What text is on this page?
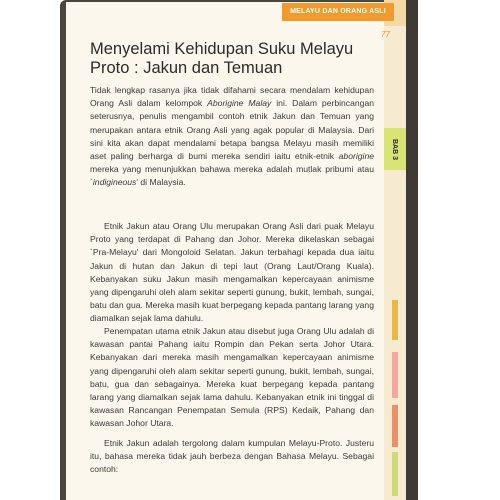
MELAYU DAN ORANG ASLI
77
BAB 3
Menyelami Kehidupan Suku Melayu Proto : Jakun dan Temuan

Tidak lengkap rasanya jika tidak difahami secara mendalam kehidupan Orang Asli dalam kelompok Aborigine Malay ini. Dalam perbincangan seterusnya, penulis mengambil contoh etnik Jakun dan Temuan yang merupakan antara etnik Orang Asli yang agak popular di Malaysia. Dari sini kita akan dapat mendalami betapa bangsa Melayu masih memiliki aset paling berharga di bumi mereka sendiri iaitu etnik-etnik aborigine mereka yang menunjukkan bahawa mereka adalah mutlak pribumi atau `indigineous' di Malaysia.

Etnik Jakun atau Orang Ulu merupakan Orang Asli dari puak Melayu Proto yang terdapat di Pahang dan Johor. Mereka dikelaskan sebagai `Pra-Melayu' dari Mongoloid Selatan. Jakun terbahagi kepada dua iaitu Jakun di hutan dan Jakun di tepi laut (Orang Laut/Orang Kuala). Kebanyakan suku Jakun masih mengamalkan kepercayaan animisme yang dipengaruhi oleh alam sekitar seperti gunung, bukit, lembah, sungai, batu dan gua. Mereka masih kuat berpegang kepada pantang larang yang diamalkan sejak lama dahulu.

Penempatan utama etnik Jakun atau disebut juga Orang Ulu adalah di kawasan pantai Pahang iaitu Rompin dan Pekan serta Johor Utara. Kebanyakan dari mereka masih mengamalkan kepercayaan animisme yang dipengaruhi oleh alam sekitar seperti gunung, bukit, lembah, sungai, batu, gua dan sebagainya. Mereka kuat berpegang kepada pantang larang yang diamalkan sejak lama dahulu. Kebanyakan etnik ini tinggal di kawasan Rancangan Penempatan Semula (RPS) Kedaik, Pahang dan kawasan Johor Utara.

Etnik Jakun adalah tergolong dalam kumpulan Melayu-Proto. Justeru itu, bahasa mereka tidak jauh berbeza dengan Bahasa Melayu. Sebagai contoh:
